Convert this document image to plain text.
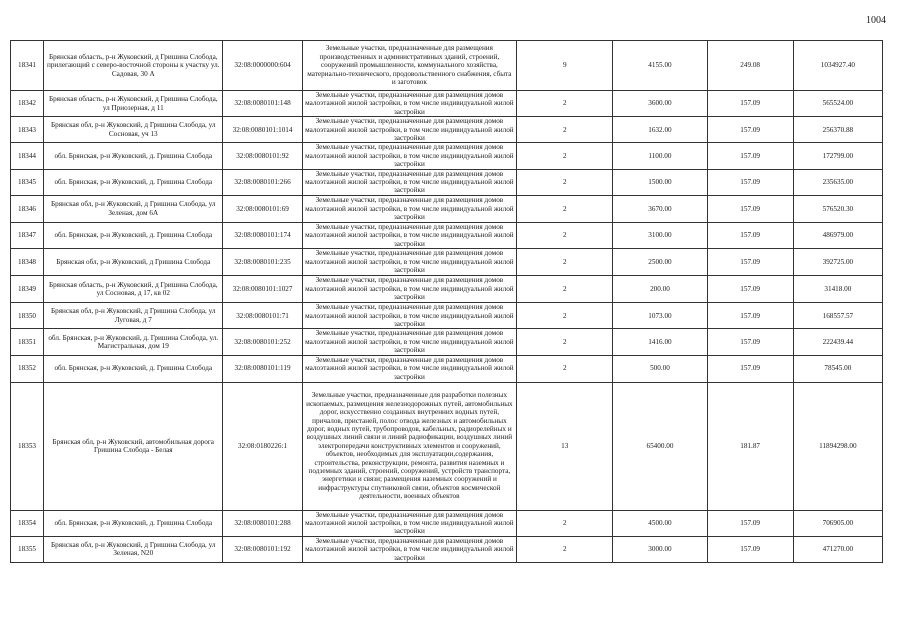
1004
18341	Брянская область, р-н Жуковский, д Гришина Слобода, прилегающий с северо-восточной стороны к участку ул. Садовая, 30 А	32:08:0000000:604	Земельные участки, предназначенные для размещения производственных и административных зданий, строений, сооружений промышленности, коммунального хозяйства, материально-технического, продовольственного снабжения, сбыта и заготовок	9	4155.00	249.08	1034927.40
18342	Брянская область, р-н Жуковский, д Гришина Слобода, ул Приозерная, д 11	32:08:0080101:148	Земельные участки, предназначенные для размещения домов малоэтажной жилой застройки, в том числе индивидуальной жилой застройки	2	3600.00	157.09	565524.00
18343	Брянская обл, р-н Жуковский, д Гришина Слобода, ул Сосновая, уч 13	32:08:0080101:1014	Земельные участки, предназначенные для размещения домов малоэтажной жилой застройки, в том числе индивидуальной жилой застройки	2	1632.00	157.09	256370.88
18344	обл. Брянская, р-н Жуковский, д. Гришина Слобода	32:08:0080101:92	Земельные участки, предназначенные для размещения домов малоэтажной жилой застройки, в том числе индивидуальной жилой застройки	2	1100.00	157.09	172799.00
18345	обл. Брянская, р-н Жуковский, д. Гришина Слобода	32:08:0080101:266	Земельные участки, предназначенные для размещения домов малоэтажной жилой застройки, в том числе индивидуальной жилой застройки	2	1500.00	157.09	235635.00
18346	Брянская обл, р-н Жуковский, д Гришина Слобода, ул Зеленая, дом 6А	32:08:0080101:69	Земельные участки, предназначенные для размещения домов малоэтажной жилой застройки, в том числе индивидуальной жилой застройки	2	3670.00	157.09	576520.30
18347	обл. Брянская, р-н Жуковский, д. Гришина Слобода	32:08:0080101:174	Земельные участки, предназначенные для размещения домов малоэтажной жилой застройки, в том числе индивидуальной жилой застройки	2	3100.00	157.09	486979.00
18348	Брянская обл, р-н Жуковский, д Гришина Слобода	32:08:0080101:235	Земельные участки, предназначенные для размещения домов малоэтажной жилой застройки, в том числе индивидуальной жилой застройки	2	2500.00	157.09	392725.00
18349	Брянская область, р-н Жуковский, д Гришина Слобода, ул Сосновая, д 17, кв 02	32:08:0080101:1027	Земельные участки, предназначенные для размещения домов малоэтажной жилой застройки, в том числе индивидуальной жилой застройки	2	200.00	157.09	31418.00
18350	Брянская обл, р-н Жуковский, д Гришина Слобода, ул Луговая, д 7	32:08:0080101:71	Земельные участки, предназначенные для размещения домов малоэтажной жилой застройки, в том числе индивидуальной жилой застройки	2	1073.00	157.09	168557.57
18351	обл. Брянская, р-н Жуковский, д. Гришина Слобода, ул. Магистральная, дом 19	32:08:0080101:252	Земельные участки, предназначенные для размещения домов малоэтажной жилой застройки, в том числе индивидуальной жилой застройки	2	1416.00	157.09	222439.44
18352	обл. Брянская, р-н Жуковский, д. Гришина Слобода	32:08:0080101:119	Земельные участки, предназначенные для размещения домов малоэтажной жилой застройки, в том числе индивидуальной жилой застройки	2	500.00	157.09	78545.00
18353	Брянская обл, р-н Жуковский, автомобильная дорога Гришина Слобода - Белая	32:08:0180226:1	Земельные участки, предназначенные для разработки полезных ископаемых, размещения железнодорожных путей, автомобильных дорог, искусственно созданных внутренних водных путей, причалов, пристаней, полос отвода железных и автомобильных дорог, водных путей, трубопроводов, кабельных, радиорелейных и воздушных линий связи и линий радиофикации, воздушных линий электропередачи конструктивных элементов и сооружений, объектов, необходимых для эксплуатации,содержания, строительства, реконструкции, ремонта, развития наземных и подземных зданий, строений, сооружений, устройств транспорта, энергетики и связи; размещения наземных сооружений и инфраструктуры спутниковой связи, объектов космической деятельности, военных объектов	13	65400.00	181.87	11894298.00
18354	обл. Брянская, р-н Жуковский, д. Гришина Слобода	32:08:0080101:288	Земельные участки, предназначенные для размещения домов малоэтажной жилой застройки, в том числе индивидуальной жилой застройки	2	4500.00	157.09	706905.00
18355	Брянская обл, р-н Жуковский, д Гришина Слобода, ул Зеленая, N20	32:08:0080101:192	Земельные участки, предназначенные для размещения домов малоэтажной жилой застройки, в том числе индивидуальной жилой застройки	2	3000.00	157.09	471270.00
